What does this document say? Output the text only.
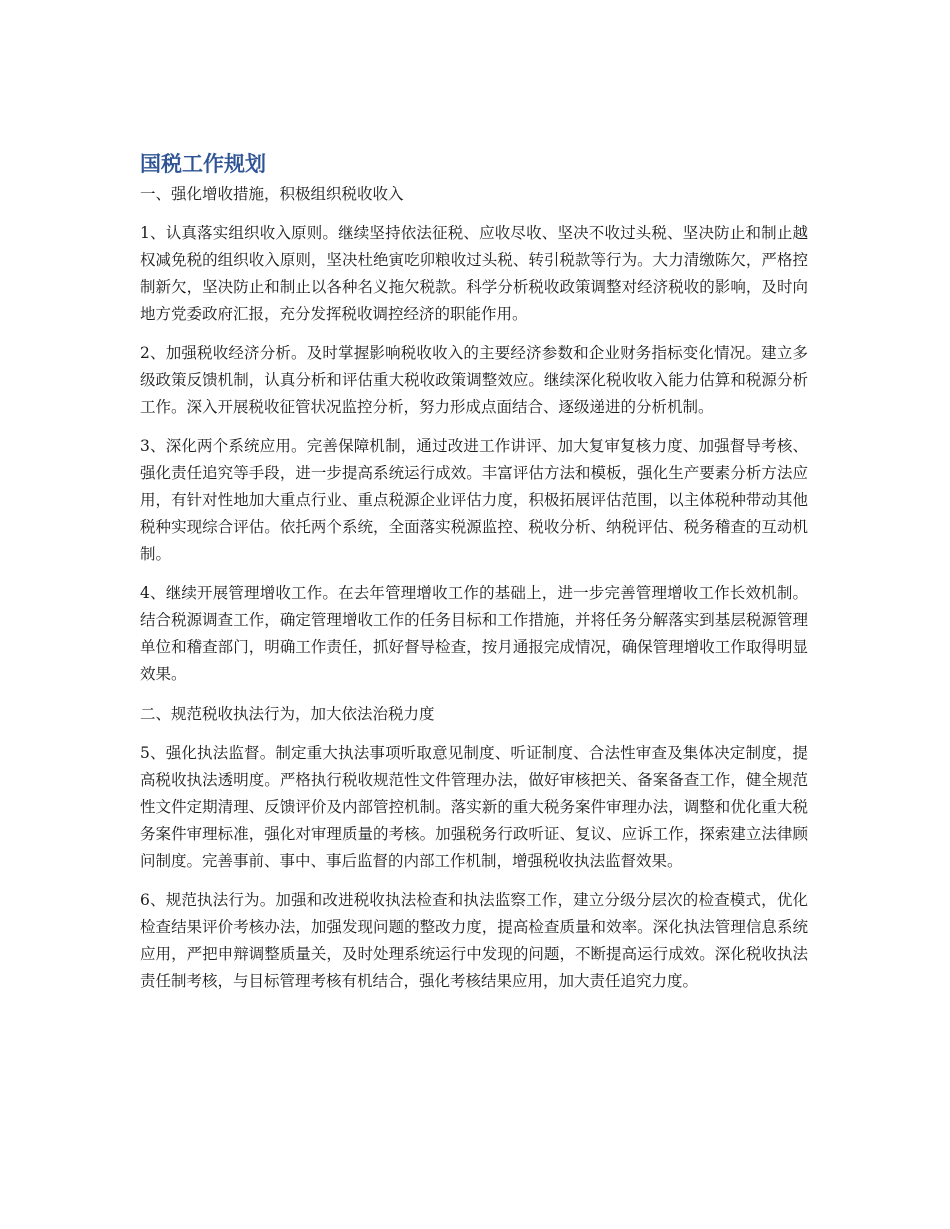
国税工作规划

一、强化增收措施，积极组织税收收入

1、认真落实组织收入原则。继续坚持依法征税、应收尽收、坚决不收过头税、坚决防止和制止越权减免税的组织收入原则，坚决杜绝寅吃卯粮收过头税、转引税款等行为。大力清缴陈欠，严格控制新欠，坚决防止和制止以各种名义拖欠税款。科学分析税收政策调整对经济税收的影响，及时向地方党委政府汇报，充分发挥税收调控经济的职能作用。

2、加强税收经济分析。及时掌握影响税收收入的主要经济参数和企业财务指标变化情况。建立多级政策反馈机制，认真分析和评估重大税收政策调整效应。继续深化税收收入能力估算和税源分析工作。深入开展税收征管状况监控分析，努力形成点面结合、逐级递进的分析机制。

3、深化两个系统应用。完善保障机制，通过改进工作讲评、加大复审复核力度、加强督导考核、强化责任追究等手段，进一步提高系统运行成效。丰富评估方法和模板，强化生产要素分析方法应用，有针对性地加大重点行业、重点税源企业评估力度，积极拓展评估范围，以主体税种带动其他税种实现综合评估。依托两个系统，全面落实税源监控、税收分析、纳税评估、税务稽查的互动机制。

4、继续开展管理增收工作。在去年管理增收工作的基础上，进一步完善管理增收工作长效机制。结合税源调查工作，确定管理增收工作的任务目标和工作措施，并将任务分解落实到基层税源管理单位和稽查部门，明确工作责任，抓好督导检查，按月通报完成情况，确保管理增收工作取得明显效果。

二、规范税收执法行为，加大依法治税力度

5、强化执法监督。制定重大执法事项听取意见制度、听证制度、合法性审查及集体决定制度，提高税收执法透明度。严格执行税收规范性文件管理办法，做好审核把关、备案备查工作，健全规范性文件定期清理、反馈评价及内部管控机制。落实新的重大税务案件审理办法，调整和优化重大税务案件审理标准，强化对审理质量的考核。加强税务行政听证、复议、应诉工作，探索建立法律顾问制度。完善事前、事中、事后监督的内部工作机制，增强税收执法监督效果。

6、规范执法行为。加强和改进税收执法检查和执法监察工作，建立分级分层次的检查模式，优化检查结果评价考核办法，加强发现问题的整改力度，提高检查质量和效率。深化执法管理信息系统应用，严把申辩调整质量关，及时处理系统运行中发现的问题，不断提高运行成效。深化税收执法责任制考核，与目标管理考核有机结合，强化考核结果应用，加大责任追究力度。
